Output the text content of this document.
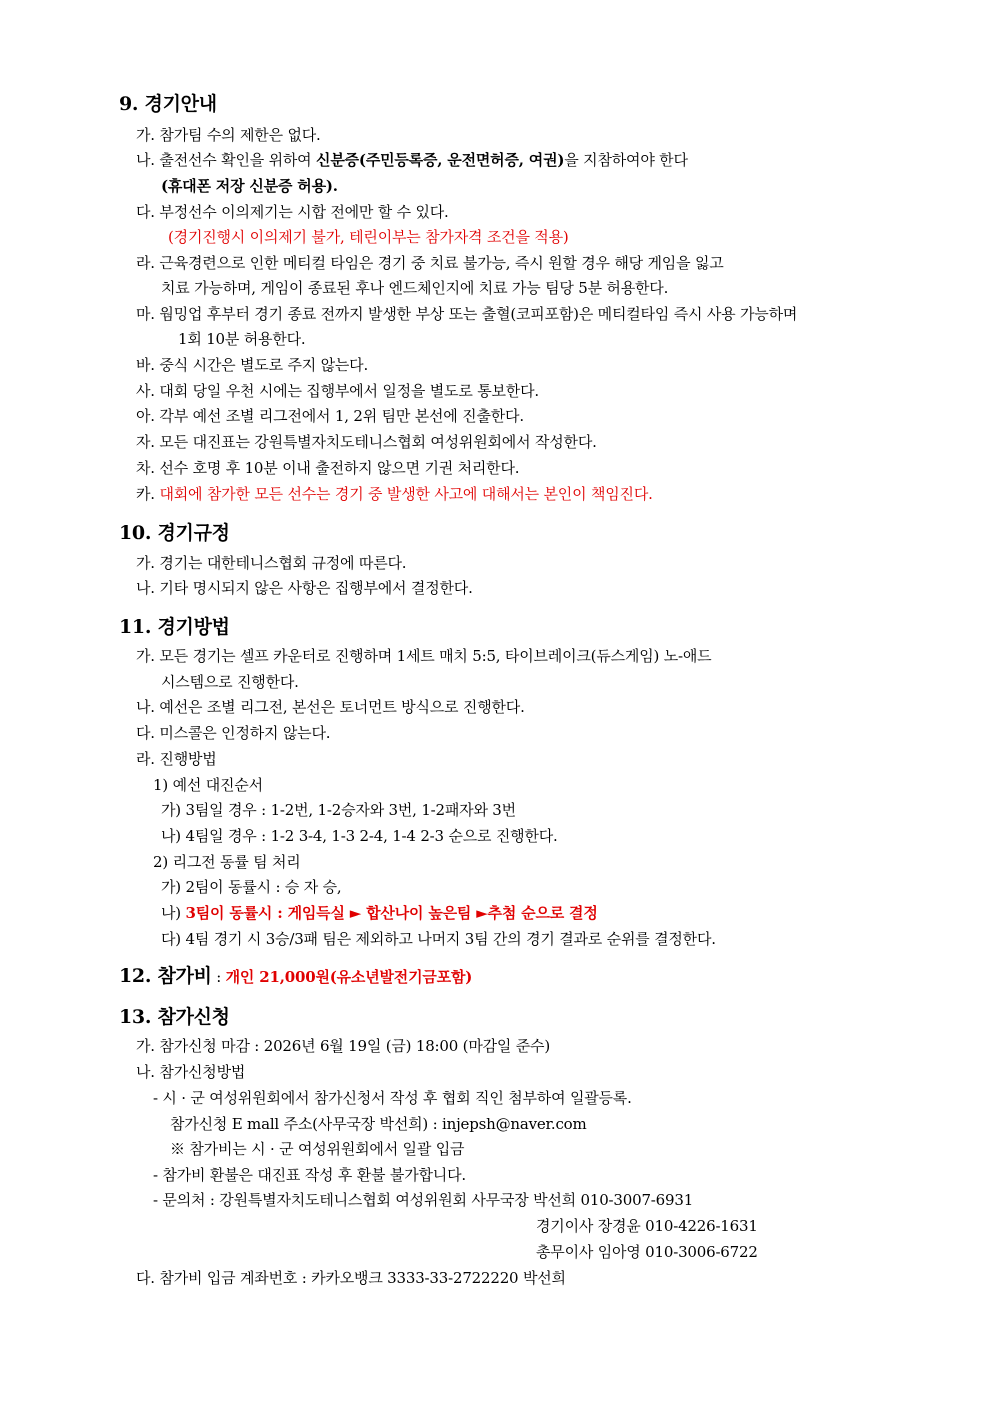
9. 경기안내
가. 참가팀 수의 제한은 없다.
나. 출전선수 확인을 위하여 신분증(주민등록증, 운전면허증, 여권)을 지참하여야 한다
(휴대폰 저장 신분증 허용).
다. 부정선수 이의제기는 시합 전에만 할 수 있다.
(경기진행시 이의제기 불가, 테린이부는 참가자격 조건을 적용)
라. 근육경련으로 인한 메티컬 타임은 경기 중 치료 불가능, 즉시 원할 경우 해당 게임을 잃고
치료 가능하며, 게임이 종료된 후나 엔드체인지에 치료 가능 팀당 5분 허용한다.
마. 웜밍업 후부터 경기 종료 전까지 발생한 부상 또는 출혈(코피포함)은 메티컬타임 즉시 사용 가능하며
1회 10분 허용한다.
바. 중식 시간은 별도로 주지 않는다.
사. 대회 당일 우천 시에는 집행부에서 일정을 별도로 통보한다.
아. 각부 예선 조별 리그전에서 1, 2위 팀만 본선에 진출한다.
자. 모든 대진표는 강원특별자치도테니스협회 여성위원회에서 작성한다.
차. 선수 호명 후 10분 이내 출전하지 않으면 기권 처리한다.
카. 대회에 참가한 모든 선수는 경기 중 발생한 사고에 대해서는 본인이 책임진다.
10. 경기규정
가. 경기는 대한테니스협회 규정에 따른다.
나. 기타 명시되지 않은 사항은 집행부에서 결정한다.
11. 경기방법
가. 모든 경기는 셀프 카운터로 진행하며 1세트 매치 5:5, 타이브레이크(듀스게임) 노-애드
시스템으로 진행한다.
나. 예선은 조별 리그전, 본선은 토너먼트 방식으로 진행한다.
다. 미스콜은 인정하지 않는다.
라. 진행방법
1) 예선 대진순서
가) 3팀일 경우 : 1-2번, 1-2승자와 3번, 1-2패자와 3번
나) 4팀일 경우 : 1-2 3-4, 1-3 2-4, 1-4 2-3 순으로 진행한다.
2) 리그전 동률 팀 처리
가) 2팀이 동률시 : 승 자 승,
나) 3팀이 동률시 : 게임득실 ► 합산나이 높은팀 ►추첨 순으로 결정
다) 4팀 경기 시 3승/3패 팀은 제외하고 나머지 3팀 간의 경기 결과로 순위를 결정한다.
12. 참가비 : 개인 21,000원(유소년발전기금포함)
13. 참가신청
가. 참가신청 마감 : 2026년 6월 19일 (금) 18:00 (마감일 준수)
나. 참가신청방법
- 시 · 군 여성위원회에서 참가신청서 작성 후 협회 직인 첨부하여 일괄등록.
참가신청 E mall 주소(사무국장 박선희) : injepsh@naver.com
※ 참가비는 시 · 군 여성위원회에서 일괄 입금
- 참가비 환불은 대진표 작성 후 환불 불가합니다.
- 문의처 : 강원특별자치도테니스협회 여성위원회 사무국장 박선희 010-3007-6931
경기이사 장경윤 010-4226-1631
총무이사 임아영 010-3006-6722
다. 참가비 입금 계좌번호 : 카카오뱅크 3333-33-2722220 박선희
